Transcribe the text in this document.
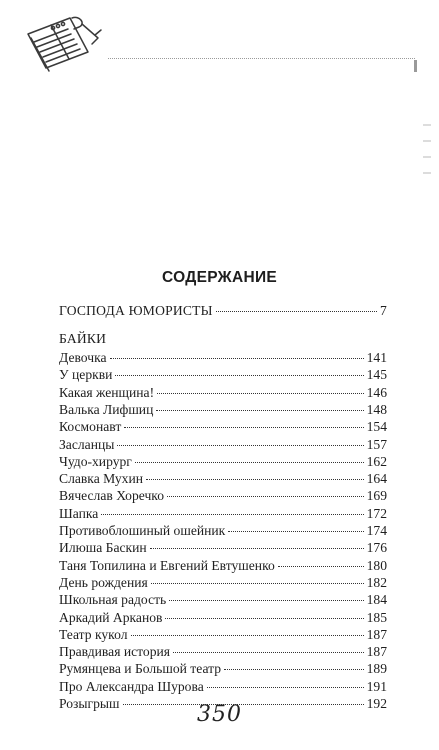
СОДЕРЖАНИЕ
ГОСПОДА ЮМОРИСТЫ	7
БАЙКИ
Девочка	141
У церкви	145
Какая женщина!	146
Валька Лифшиц	148
Космонавт	154
Засланцы	157
Чудо-хирург	162
Славка Мухин	164
Вячеслав Хоречко	169
Шапка	172
Противоблошиный ошейник	174
Илюша Баскин	176
Таня Топилина и Евгений Евтушенко	180
День рождения	182
Школьная радость	184
Аркадий Арканов	185
Театр кукол	187
Правдивая история	187
Румянцева и Большой театр	189
Про Александра Шурова	191
Розыгрыш	192
350
